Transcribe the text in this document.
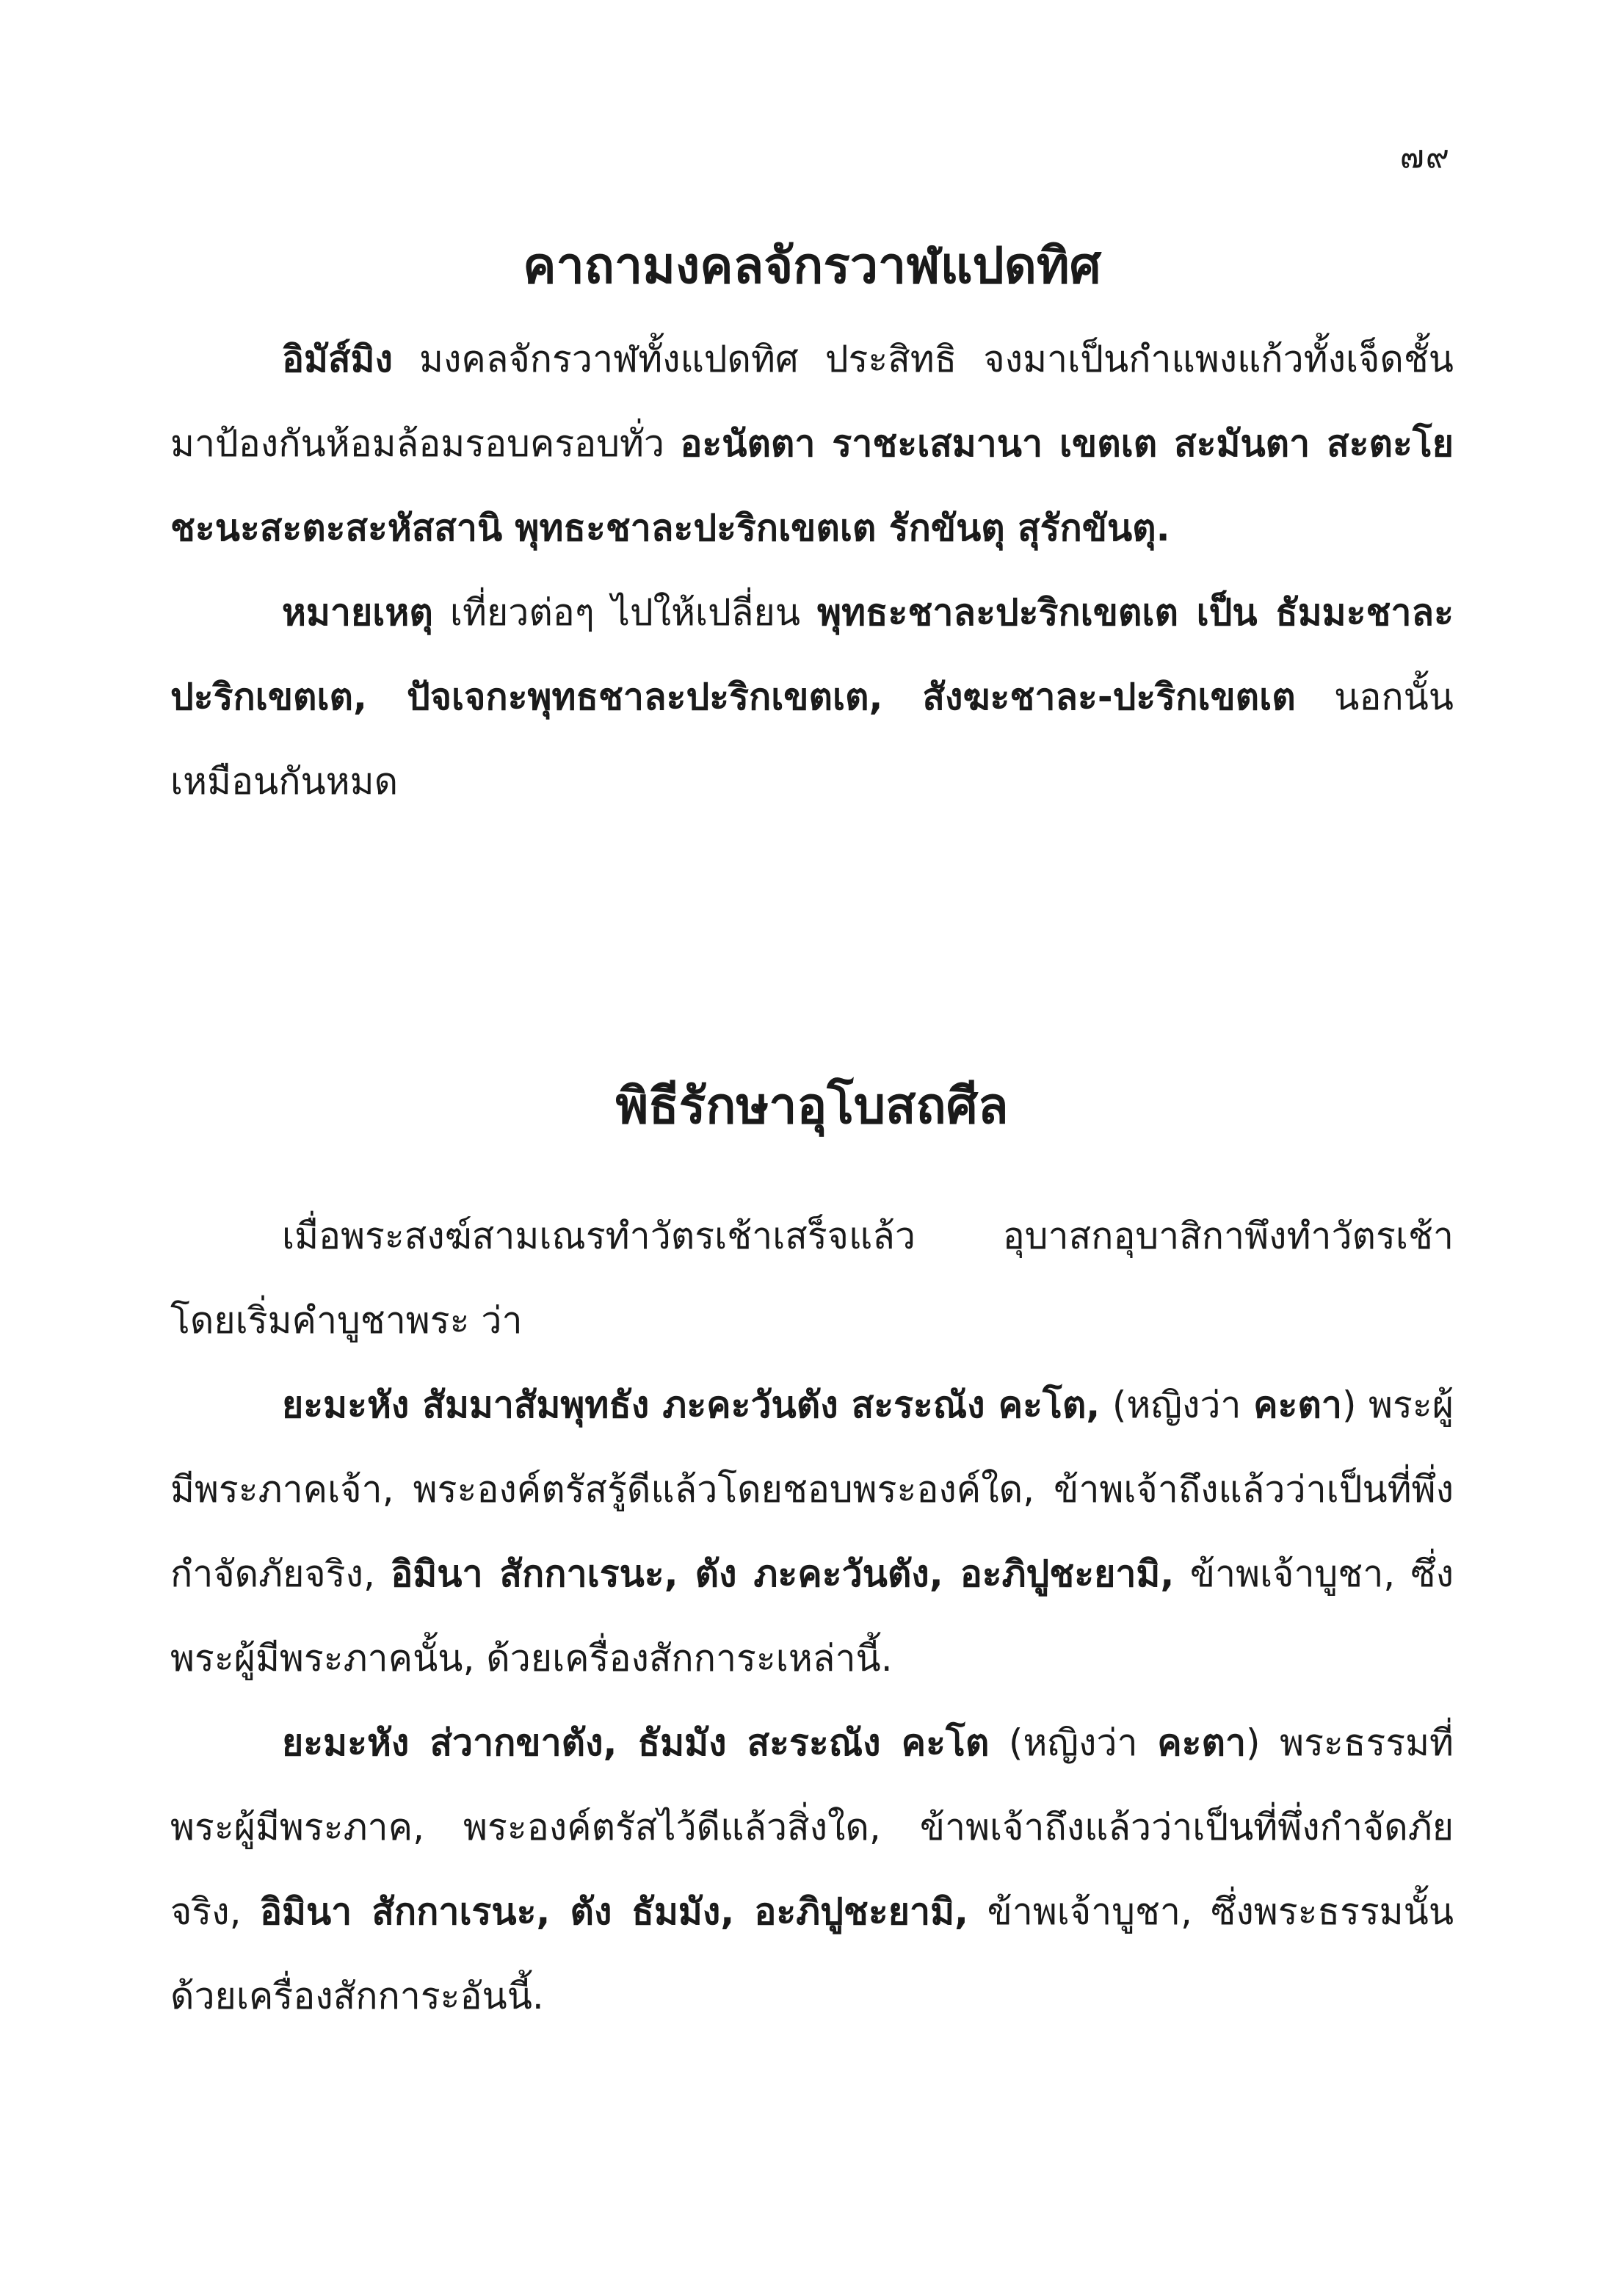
๗๙
คาถามงคลจักรวาฬแปดทิศ

อิมัส์มิง มงคลจักรวาฬทั้งแปดทิศ ประสิทธิ จงมาเป็นกำแพงแก้วทั้งเจ็ดชั้น มาป้องกันห้อมล้อมรอบครอบทั่ว อะนัตตา ราชะเสมานา เขตเต สะมันตา สะตะโยชะนะสะตะสะหัสสานิ พุทธะชาละปะริกเขตเต รักขันตุ สุรักขันตุ.

หมายเหตุ เที่ยวต่อๆ ไปให้เปลี่ยน พุทธะชาละปะริกเขตเต เป็น ธัมมะชาละปะริกเขตเต, ปัจเจกะพุทธชาละปะริกเขตเต, สังฆะชาละ-ปะริกเขตเต นอกนั้นเหมือนกันหมด

พิธีรักษาอุโบสถศีล

เมื่อพระสงฆ์สามเณรทำวัตรเช้าเสร็จแล้ว อุบาสกอุบาสิกาพึงทำวัตรเช้า โดยเริ่มคำบูชาพระ ว่า

ยะมะหัง สัมมาสัมพุทธัง ภะคะวันตัง สะระณัง คะโต, (หญิงว่า คะตา) พระผู้มีพระภาคเจ้า, พระองค์ตรัสรู้ดีแล้วโดยชอบพระองค์ใด, ข้าพเจ้าถึงแล้วว่าเป็นที่พึ่งกำจัดภัยจริง, อิมินา สักกาเรนะ, ตัง ภะคะวันตัง, อะภิปูชะยามิ, ข้าพเจ้าบูชา, ซึ่งพระผู้มีพระภาคนั้น, ด้วยเครื่องสักการะเหล่านี้.

ยะมะหัง ส่วากขาตัง, ธัมมัง สะระณัง คะโต (หญิงว่า คะตา) พระธรรมที่พระผู้มีพระภาค, พระองค์ตรัสไว้ดีแล้วสิ่งใด, ข้าพเจ้าถึงแล้วว่าเป็นที่พึ่งกำจัดภัยจริง, อิมินา สักกาเรนะ, ตัง ธัมมัง, อะภิปูชะยามิ, ข้าพเจ้าบูชา, ซึ่งพระธรรมนั้น ด้วยเครื่องสักการะอันนี้.
